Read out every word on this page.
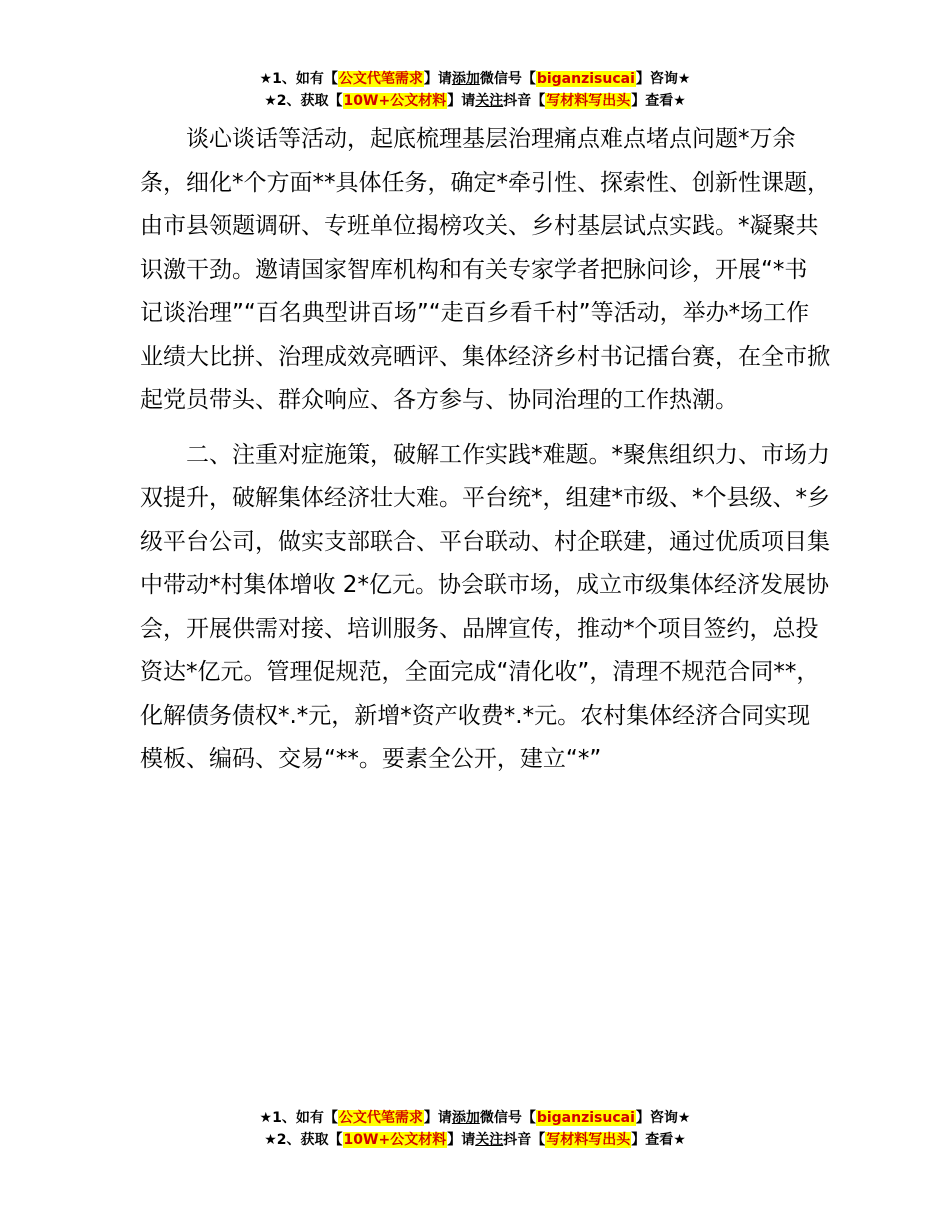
★1、如有【公文代笔需求】请添加微信号【biganzisucai】咨询★
★2、获取【10W+公文材料】请关注抖音【写材料写出头】查看★

谈心谈话等活动，起底梳理基层治理痛点难点堵点问题*万余条，细化*个方面**具体任务，确定*牵引性、探索性、创新性课题，由市县领题调研、专班单位揭榜攻关、乡村基层试点实践。*凝聚共识激干劲。邀请国家智库机构和有关专家学者把脉问诊，开展“*书记谈治理”“百名典型讲百场”“走百乡看千村”等活动，举办*场工作业绩大比拼、治理成效亮晒评、集体经济乡村书记擂台赛，在全市掀起党员带头、群众响应、各方参与、协同治理的工作热潮。

二、注重对症施策，破解工作实践*难题。*聚焦组织力、市场力双提升，破解集体经济壮大难。平台统*，组建*市级、*个县级、*乡级平台公司，做实支部联合、平台联动、村企联建，通过优质项目集中带动*村集体增收 2*亿元。协会联市场，成立市级集体经济发展协会，开展供需对接、培训服务、品牌宣传，推动*个项目签约，总投资达*亿元。管理促规范，全面完成“清化收”，清理不规范合同**，化解债务债权*.*元，新增*资产收费*.*元。农村集体经济合同实现模板、编码、交易“**。要素全公开，建立“*”

★1、如有【公文代笔需求】请添加微信号【biganzisucai】咨询★
★2、获取【10W+公文材料】请关注抖音【写材料写出头】查看★
